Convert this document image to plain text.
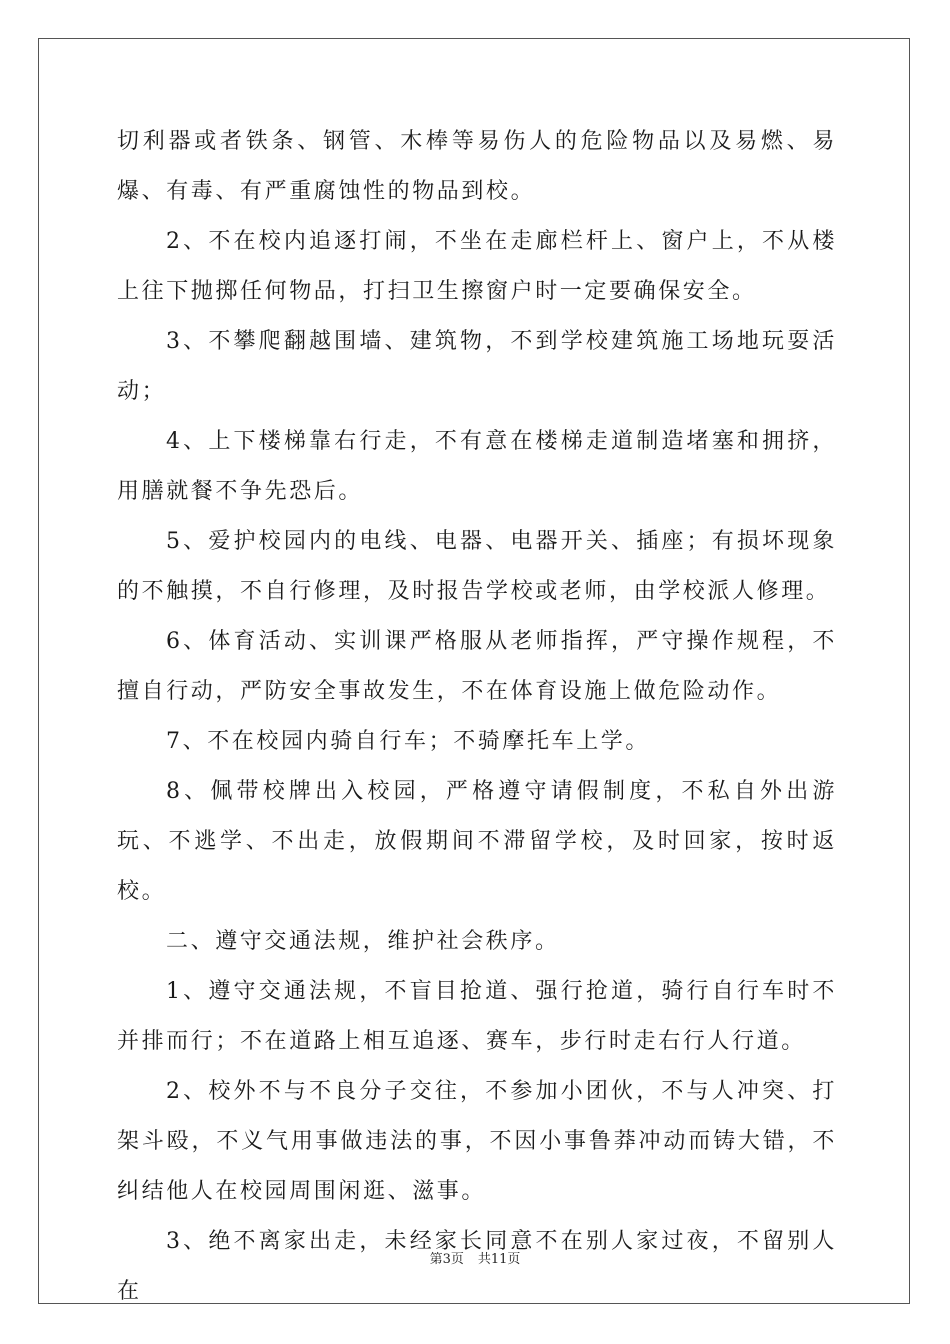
切利器或者铁条、钢管、木棒等易伤人的危险物品以及易燃、易爆、有毒、有严重腐蚀性的物品到校。

2、不在校内追逐打闹，不坐在走廊栏杆上、窗户上，不从楼上往下抛掷任何物品，打扫卫生擦窗户时一定要确保安全。

3、不攀爬翻越围墙、建筑物，不到学校建筑施工场地玩耍活动；

4、上下楼梯靠右行走，不有意在楼梯走道制造堵塞和拥挤，用膳就餐不争先恐后。

5、爱护校园内的电线、电器、电器开关、插座；有损坏现象的不触摸，不自行修理，及时报告学校或老师，由学校派人修理。

6、体育活动、实训课严格服从老师指挥，严守操作规程，不擅自行动，严防安全事故发生，不在体育设施上做危险动作。

7、不在校园内骑自行车；不骑摩托车上学。

8、佩带校牌出入校园，严格遵守请假制度，不私自外出游玩、不逃学、不出走，放假期间不滞留学校，及时回家，按时返校。

二、遵守交通法规，维护社会秩序。

1、遵守交通法规，不盲目抢道、强行抢道，骑行自行车时不并排而行；不在道路上相互追逐、赛车，步行时走右行人行道。

2、校外不与不良分子交往，不参加小团伙，不与人冲突、打架斗殴，不义气用事做违法的事，不因小事鲁莽冲动而铸大错，不纠结他人在校园周围闲逛、滋事。

3、绝不离家出走，未经家长同意不在别人家过夜，不留别人在

第3页 共11页
